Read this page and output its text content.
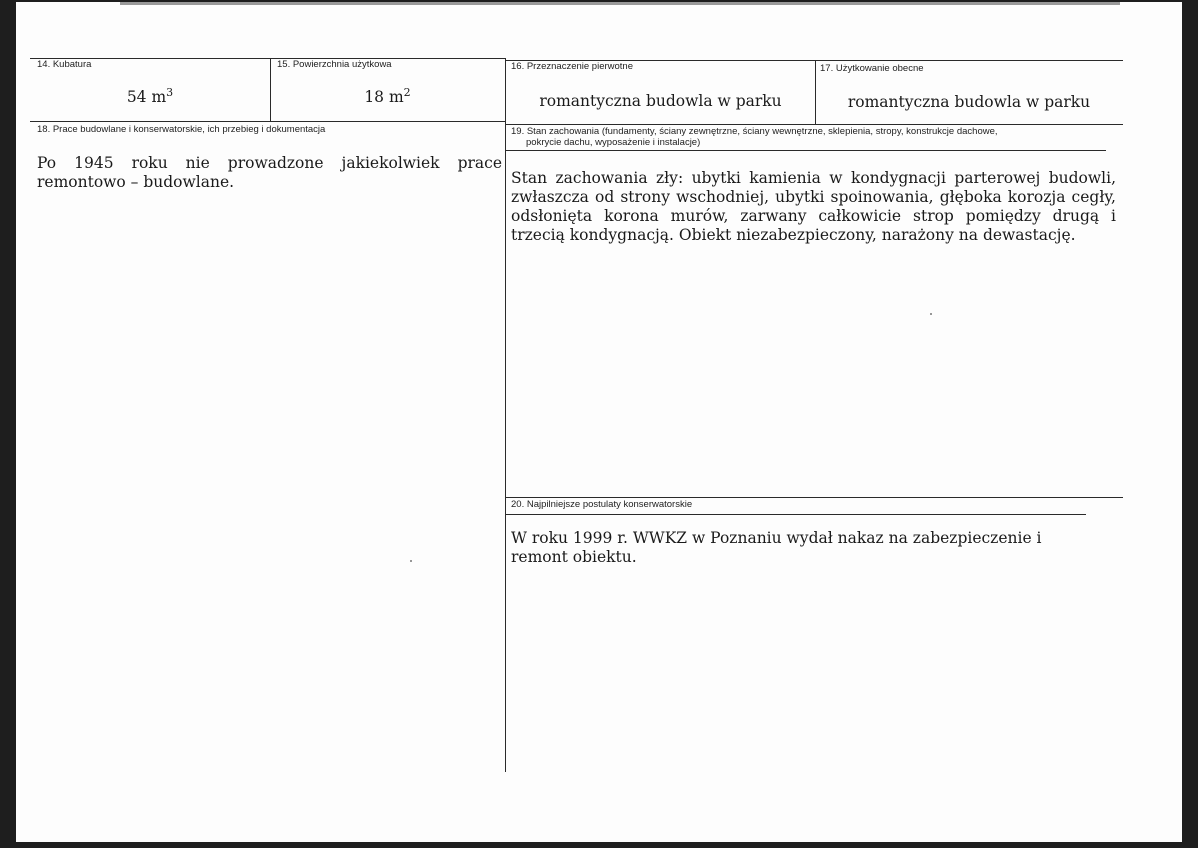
14. Kubatura
54 $m^3$
15. Powierzchnia użytkowa
18 $m^2$
16. Przeznaczenie pierwotne
romantyczna budowla w parku
17. Użytkowanie obecne
romantyczna budowla w parku
18. Prace budowlane i konserwatorskie, ich przebieg i dokumentacja
Po 1945 roku nie prowadzone jakiekolwiek prace remontowo – budowlane.
19. Stan zachowania (fundamenty, ściany zewnętrzne, ściany wewnętrzne, sklepienia, stropy, konstrukcje dachowe,
pokrycie dachu, wyposażenie i instalacje)
Stan zachowania zły: ubytki kamienia w kondygnacji parterowej budowli, zwłaszcza od strony wschodniej, ubytki spoinowania, głęboka korozja cegły, odsłonięta korona murów, zarwany całkowicie strop pomiędzy drugą i trzecią kondygnacją. Obiekt niezabezpieczony, narażony na dewastację.
20. Najpilniejsze postulaty konserwatorskie
W roku 1999 r. WWKZ w Poznaniu wydał nakaz na zabezpieczenie i remont obiektu.
